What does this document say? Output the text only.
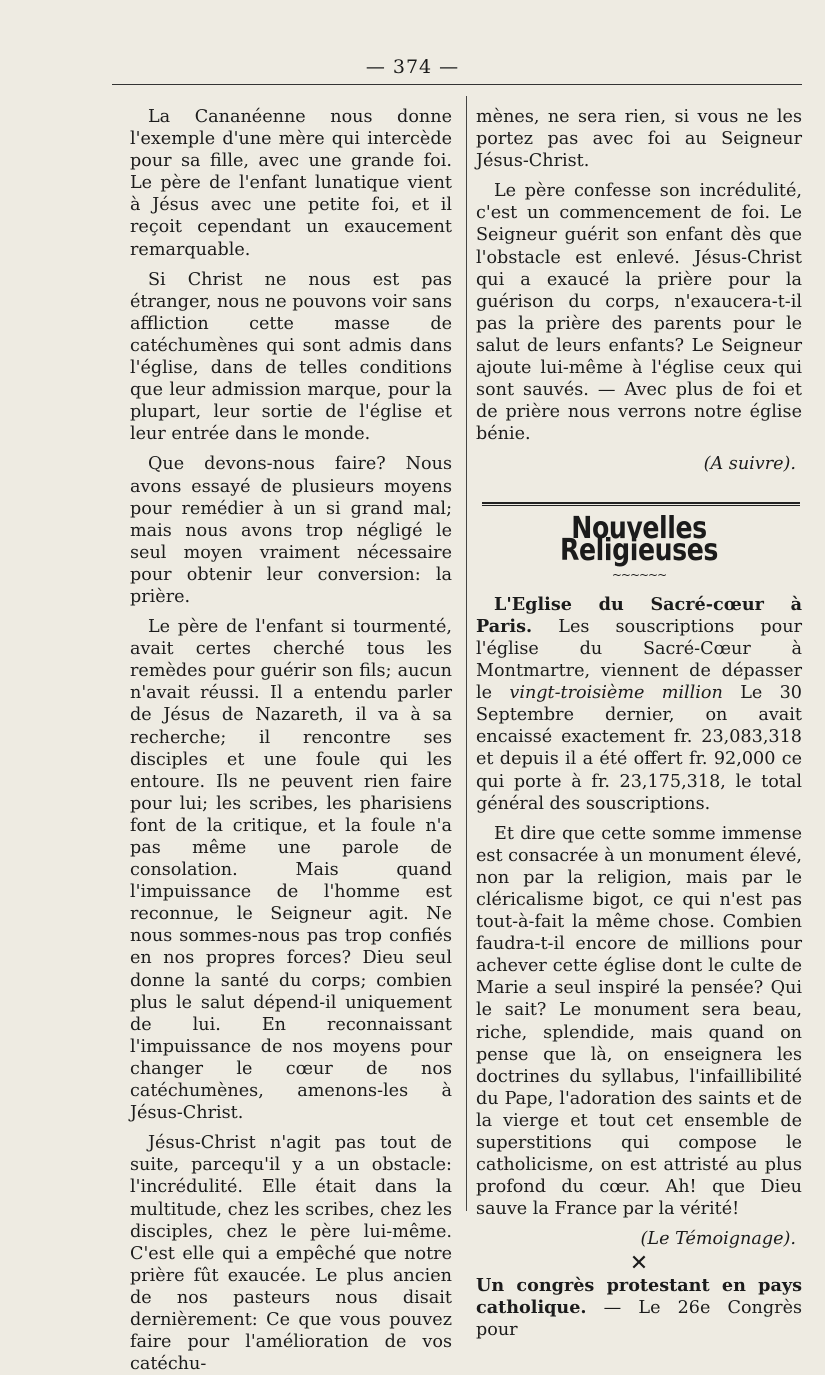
— 374 —

La Cananéenne nous donne l'exemple d'une mère qui intercède pour sa fille, avec une grande foi. Le père de l'enfant lunatique vient à Jésus avec une petite foi, et il reçoit cependant un exaucement remarquable.

Si Christ ne nous est pas étranger, nous ne pouvons voir sans affliction cette masse de catéchumènes qui sont admis dans l'église, dans de telles conditions que leur admission marque, pour la plupart, leur sortie de l'église et leur entrée dans le monde.

Que devons-nous faire? Nous avons essayé de plusieurs moyens pour remédier à un si grand mal; mais nous avons trop négligé le seul moyen vraiment nécessaire pour obtenir leur conversion: la prière.

Le père de l'enfant si tourmenté, avait certes cherché tous les remèdes pour guérir son fils; aucun n'avait réussi. Il a entendu parler de Jésus de Nazareth, il va à sa recherche; il rencontre ses disciples et une foule qui les entoure. Ils ne peuvent rien faire pour lui; les scribes, les pharisiens font de la critique, et la foule n'a pas même une parole de consolation. Mais quand l'impuissance de l'homme est reconnue, le Seigneur agit. Ne nous sommes-nous pas trop confiés en nos propres forces? Dieu seul donne la santé du corps; combien plus le salut dépend-il uniquement de lui. En reconnaissant l'impuissance de nos moyens pour changer le cœur de nos catéchumènes, amenons-les à Jésus-Christ.

Jésus-Christ n'agit pas tout de suite, parcequ'il y a un obstacle: l'incrédulité. Elle était dans la multitude, chez les scribes, chez les disciples, chez le père lui-même. C'est elle qui a empêché que notre prière fût exaucée. Le plus ancien de nos pasteurs nous disait dernièrement: Ce que vous pouvez faire pour l'amélioration de vos catéchu-

mènes, ne sera rien, si vous ne les portez pas avec foi au Seigneur Jésus-Christ.

Le père confesse son incrédulité, c'est un commencement de foi. Le Seigneur guérit son enfant dès que l'obstacle est enlevé. Jésus-Christ qui a exaucé la prière pour la guérison du corps, n'exaucera-t-il pas la prière des parents pour le salut de leurs enfants? Le Seigneur ajoute lui-même à l'église ceux qui sont sauvés. — Avec plus de foi et de prière nous verrons notre église bénie.

(A suivre).
Nouvelles Religieuses
~~~~~~

L'Eglise du Sacré-cœur à Paris. Les souscriptions pour l'église du Sacré-Cœur à Montmartre, viennent de dépasser le vingt-troisième million Le 30 Septembre dernier, on avait encaissé exactement fr. 23,083,318 et depuis il a été offert fr. 92,000 ce qui porte à fr. 23,175,318, le total général des souscriptions.

Et dire que cette somme immense est consacrée à un monument élevé, non par la religion, mais par le cléricalisme bigot, ce qui n'est pas tout-à-fait la même chose. Combien faudra-t-il encore de millions pour achever cette église dont le culte de Marie a seul inspiré la pensée? Qui le sait? Le monument sera beau, riche, splendide, mais quand on pense que là, on enseignera les doctrines du syllabus, l'infaillibilité du Pape, l'adoration des saints et de la vierge et tout cet ensemble de superstitions qui compose le catholicisme, on est attristé au plus profond du cœur. Ah! que Dieu sauve la France par la vérité!

(Le Témoignage).
✕

Un congrès protestant en pays catholique. — Le 26e Congrès pour
